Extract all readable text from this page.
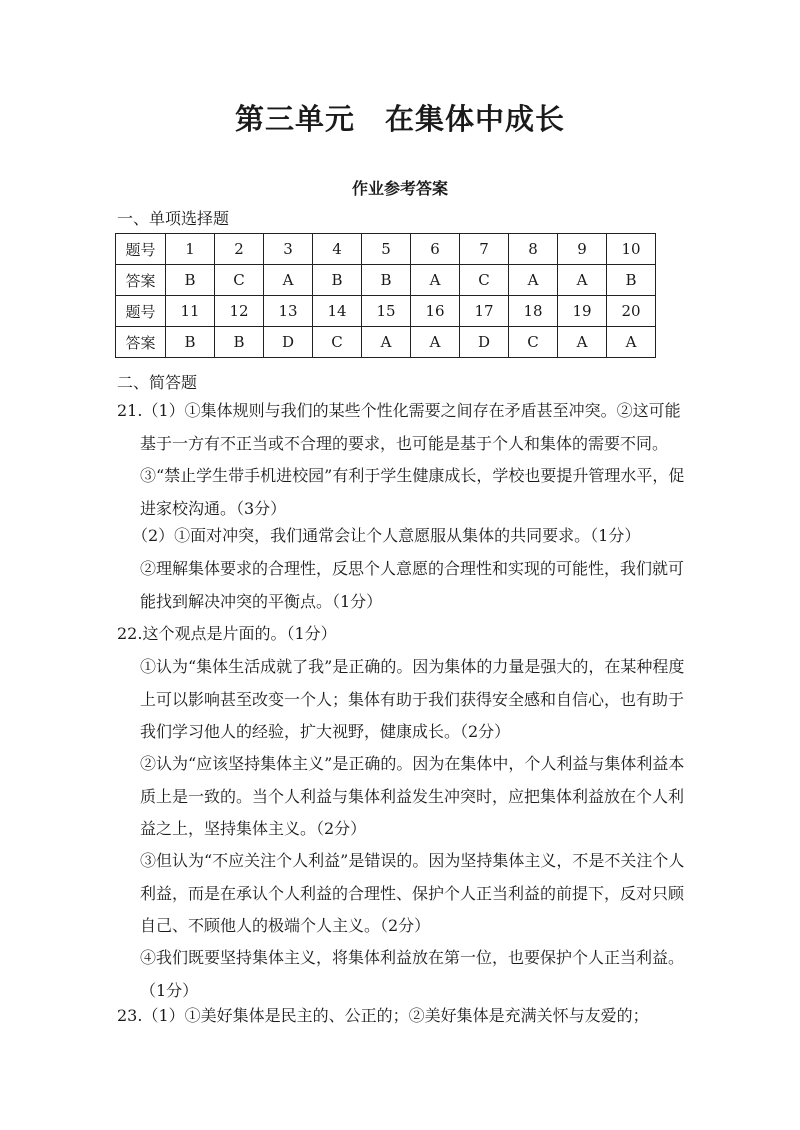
第三单元　在集体中成长
作业参考答案
一、单项选择题
题号	1	2	3	4	5	6	7	8	9	10
答案	B	C	A	B	B	A	C	A	A	B
题号	11	12	13	14	15	16	17	18	19	20
答案	B	B	D	C	A	A	D	C	A	A
二、简答题
21.（1）①集体规则与我们的某些个性化需要之间存在矛盾甚至冲突。②这可能基于一方有不正当或不合理的要求，也可能是基于个人和集体的需要不同。③“禁止学生带手机进校园”有利于学生健康成长，学校也要提升管理水平，促进家校沟通。（3分）
（2）①面对冲突，我们通常会让个人意愿服从集体的共同要求。（1分）
②理解集体要求的合理性，反思个人意愿的合理性和实现的可能性，我们就可能找到解决冲突的平衡点。（1分）
22.这个观点是片面的。（1分）
①认为“集体生活成就了我”是正确的。因为集体的力量是强大的，在某种程度上可以影响甚至改变一个人；集体有助于我们获得安全感和自信心，也有助于我们学习他人的经验，扩大视野，健康成长。（2分）
②认为“应该坚持集体主义”是正确的。因为在集体中，个人利益与集体利益本质上是一致的。当个人利益与集体利益发生冲突时，应把集体利益放在个人利益之上，坚持集体主义。（2分）
③但认为“不应关注个人利益”是错误的。因为坚持集体主义，不是不关注个人利益，而是在承认个人利益的合理性、保护个人正当利益的前提下，反对只顾自己、不顾他人的极端个人主义。（2分）
④我们既要坚持集体主义，将集体利益放在第一位，也要保护个人正当利益。（1分）
23.（1）①美好集体是民主的、公正的；②美好集体是充满关怀与友爱的；
